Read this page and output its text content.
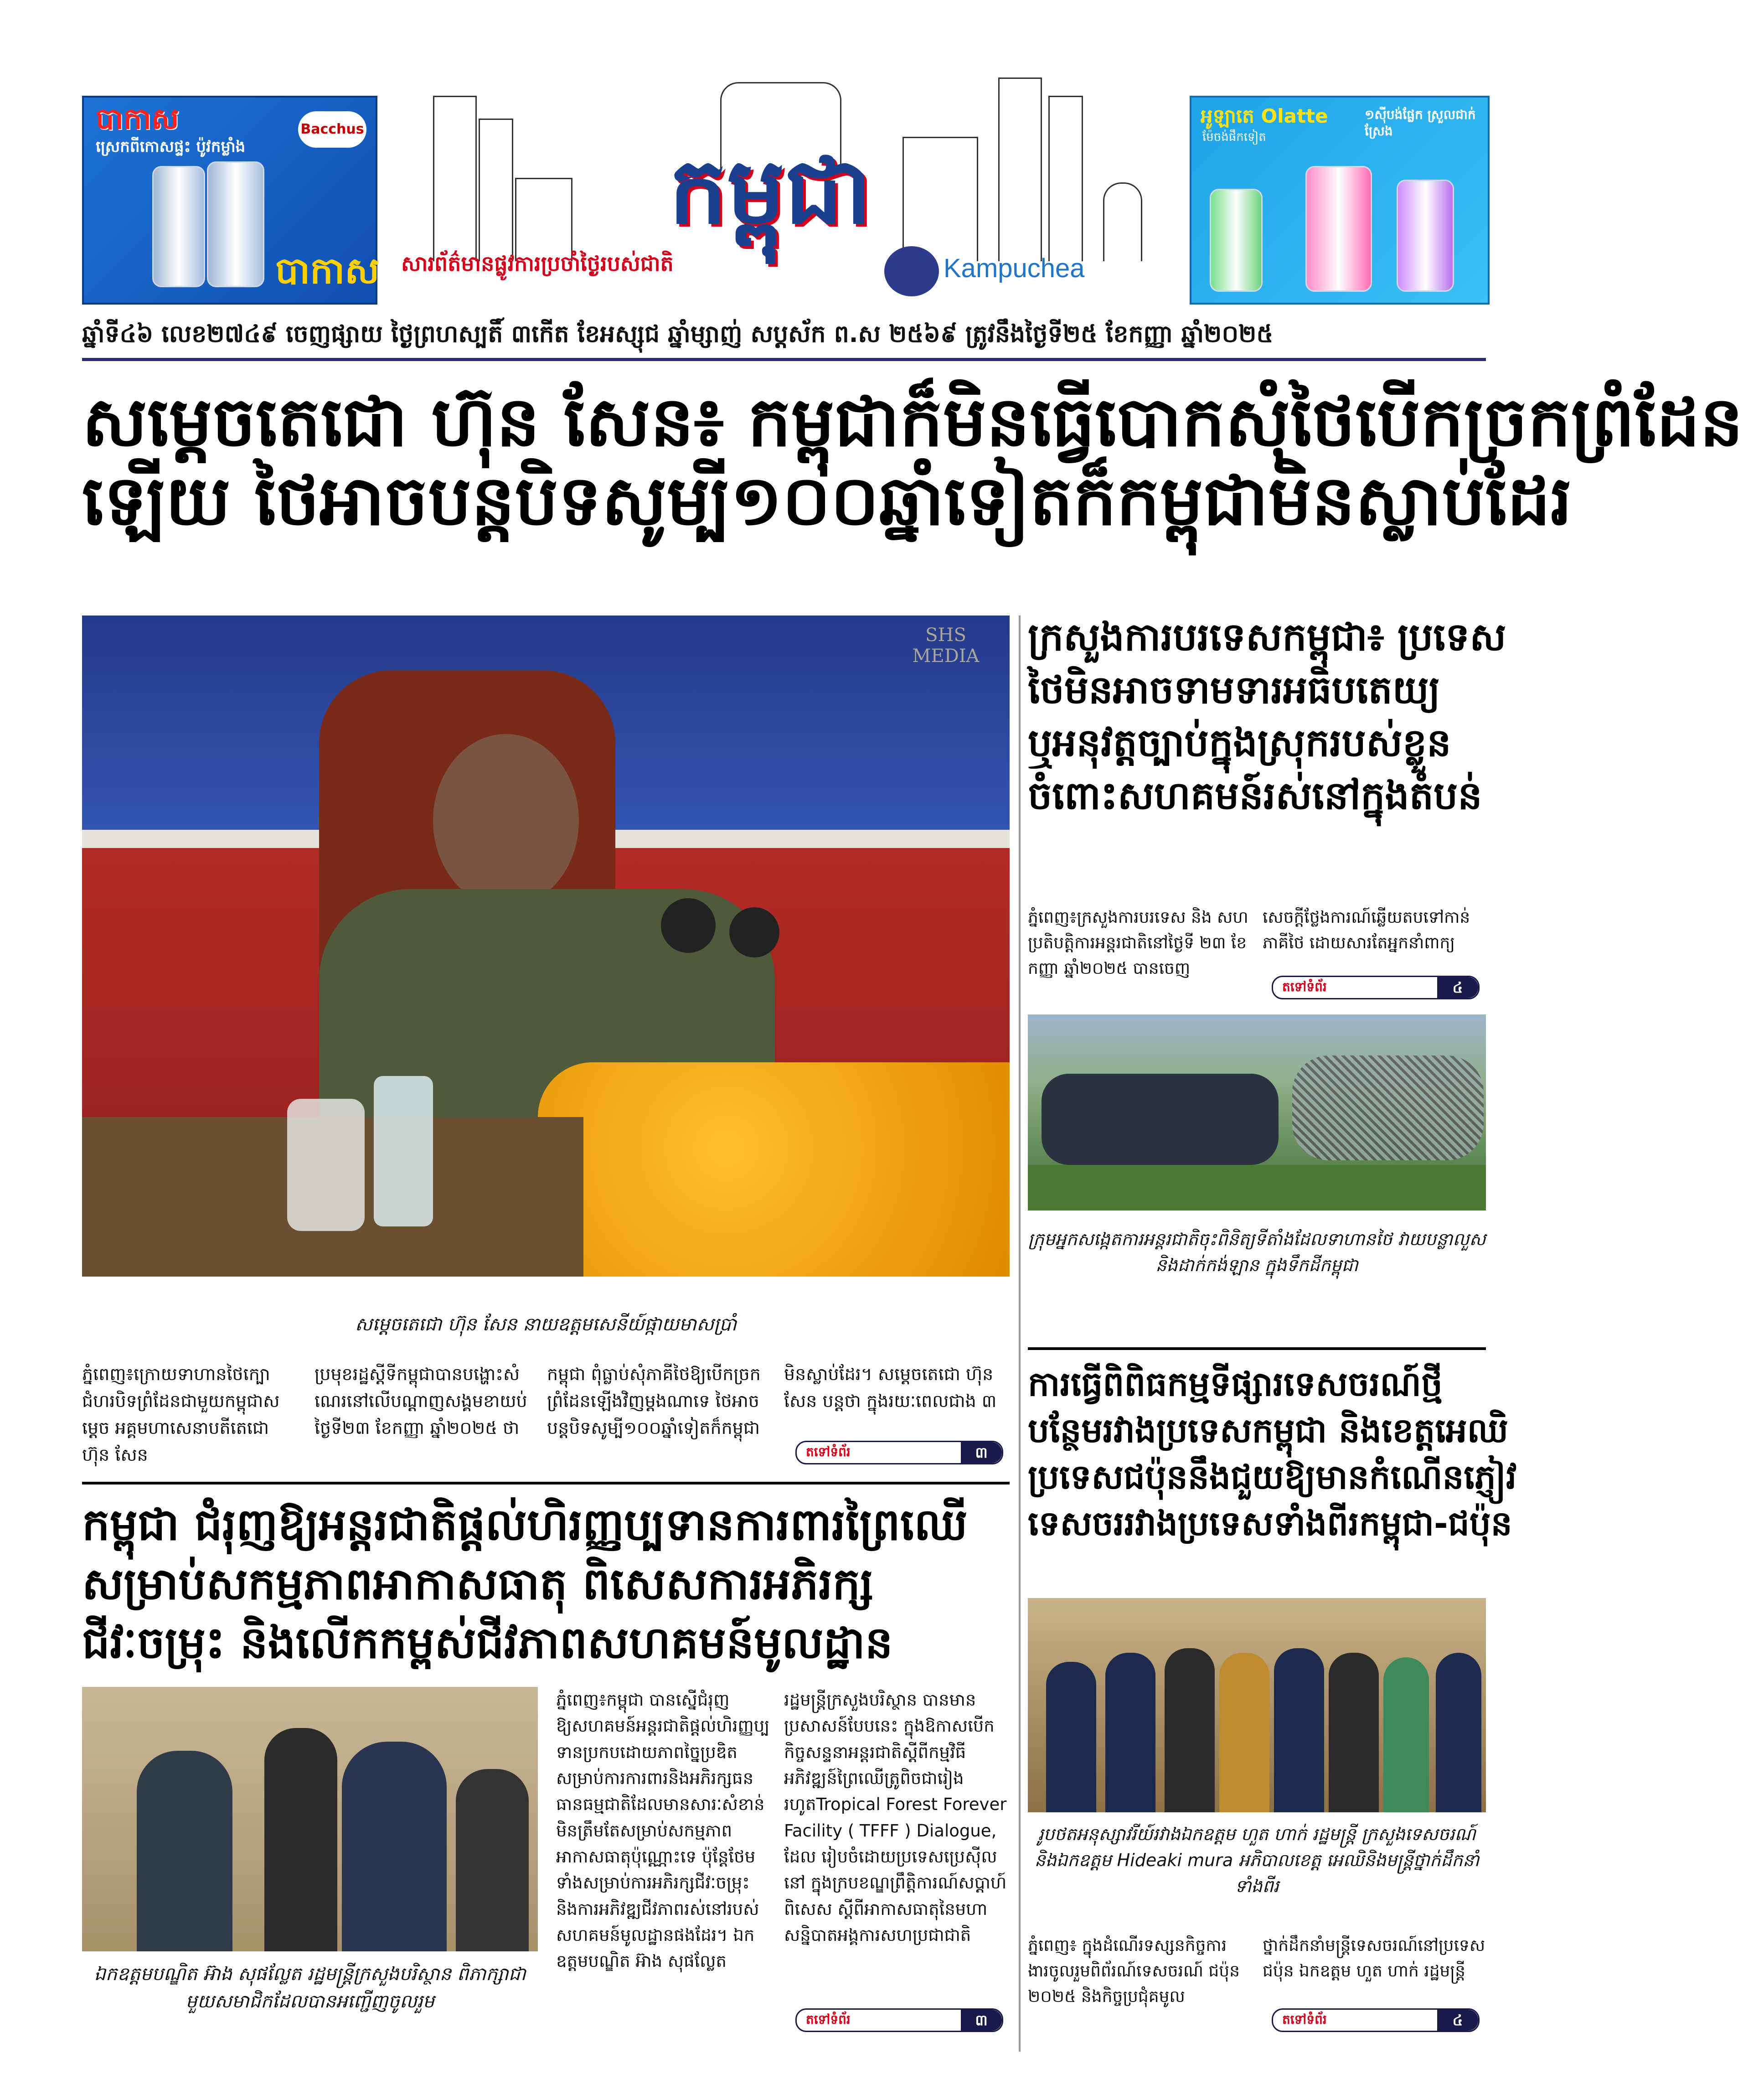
បាកាស
ស្រេកពីកោសផ្ទះ ប៉ូវកម្លាំង
Bacchus
បាកាស
កម្ពុជា
សារព័ត៌មានផ្លូវការប្រចាំថ្ងៃរបស់ជាតិ	Kampuchea
អូឡាតេ Olatte
ម៉ែ​ចង់​ផឹក​ទៀត
១ស៊ីបង់ផ្លែក ស្រួលជាក់ស្រែង
ឆ្នាំទី៤៦ លេខ២៧៤៩ ចេញផ្សាយ ថ្ងៃព្រហស្បតិ៍ ៣កើត ខែអស្សុជ ឆ្នាំម្សាញ់ សប្តស័ក ព.ស ២៥៦៩ ត្រូវនឹងថ្ងៃទី២៥ ខែកញ្ញា ឆ្នាំ២០២៥
សម្តេចតេជោ ហ៊ុន សែន៖ កម្ពុជាក៏មិនធ្វើបោកសុំថៃបើកច្រកព្រំដែន
ឡើយ ថៃអាចបន្តបិទសូម្បី១០០ឆ្នាំទៀតក៏កម្ពុជាមិនស្លាប់ដែរ
SHS MEDIA
សម្តេចតេជោ ហ៊ុន សែន នាយឧត្តមសេនីយ៍ផ្កាយមាសប្រាំ
ភ្នំពេញ៖ក្រោយទាហានថៃក្បោ ជំហរបិទព្រំដែនជាមួយកម្ពុជាសម្តេច អគ្គមហាសេនាបតីតេជោ ហ៊ុន សែន
ប្រមុខរដ្ឋស្តីទីកម្ពុជាបានបង្ហោះសំ ណេរនៅលើបណ្តាញសង្គមខាយប់ ថ្ងៃទី២៣ ខែកញ្ញា ឆ្នាំ២០២៥ ថា
កម្ពុជា ពុំធ្លាប់សុំភាគីថៃឱ្យបើកច្រក ព្រំដែនឡើងវិញម្តងណាទេ ថៃអាច បន្តបិទសូម្បី១០០ឆ្នាំទៀតក៏កម្ពុជា
មិនស្លាប់ដែរ។ សម្តេចតេជោ ហ៊ុន សែន បន្តថា ក្នុងរយៈពេលជាង ៣
តទៅទំព័រ	៣
ក្រសួងការបរទេសកម្ពុជា៖ ប្រទេស
ថៃមិនអាចទាមទារអធិបតេយ្យ
ឬអនុវត្តច្បាប់ក្នុងស្រុករបស់ខ្លួន
ចំពោះសហគមន៍រស់នៅក្នុងតំបន់
ភ្នំពេញ៖ក្រសួងការបរទេស និង សហប្រតិបត្តិការអន្តរជាតិនៅថ្ងៃទី ២៣ ខែកញ្ញា ឆ្នាំ២០២៥ បានចេញ
សេចក្តីថ្លែងការណ៍ឆ្លើយតបទៅកាន់ ភាគីថៃ ដោយសារតែអ្នកនាំពាក្យ
តទៅទំព័រ	៤
ក្រុមអ្នកសង្កេតការអន្តរជាតិចុះពិនិត្យទីតាំងដែលទាហានថៃ វាយបន្លាលួស និងដាក់កង់ឡាន ក្នុងទឹកដីកម្ពុជា
ការធ្វើពិពិធកម្មទីផ្សារទេសចរណ៍ថ្មី
បន្ថែមរវាងប្រទេសកម្ពុជា និងខេត្តអេឈិ
ប្រទេសជប៉ុននឹងជួយឱ្យមានកំណើនភ្ញៀវ
ទេសចររវាងប្រទេសទាំងពីរកម្ពុជា-ជប៉ុន
រូបថតអនុស្សាវរីយ៍រវាងឯកឧត្តម ហួត ហាក់ រដ្ឋមន្ត្រី ក្រសួងទេសចរណ៍ និងឯកឧត្តម Hideaki mura អភិបាលខេត្ត អេឈិនិងមន្ត្រីថ្នាក់ដឹកនាំទាំងពីរ
ភ្នំពេញ៖ ក្នុងដំណើរទស្សនកិច្ចការ ងារចូលរួមពិព័រណ៍ទេសចរណ៍ ជប៉ុន ២០២៥ និងកិច្ចប្រជុំគមូល
ថ្នាក់ដឹកនាំមន្ត្រីទេសចរណ៍នៅប្រទេស ជប៉ុន ឯកឧត្តម ហួត ហាក់ រដ្ឋមន្ត្រី
តទៅទំព័រ	៤
កម្ពុជា ជំរុញឱ្យអន្តរជាតិផ្តល់ហិរញ្ញប្បទានការពារព្រៃឈើ
សម្រាប់សកម្មភាពអាកាសធាតុ ពិសេសការអភិរក្ស
ជីវៈចម្រុះ និងលើកកម្ពស់ជីវភាពសហគមន៍មូលដ្ឋាន
ឯកឧត្តមបណ្ឌិត អ៊ាង សុផល្លែត រដ្ឋមន្ត្រីក្រសួងបរិស្ថាន ពិភាក្សាជាមួយសមាជិកដែលបានអញ្ជើញចូលរួម
ភ្នំពេញ៖កម្ពុជា បានស្នើជំរុញ ឱ្យសហគមន៍អន្តរជាតិផ្តល់ហិរញ្ញប្ប ទានប្រកបដោយភាពច្នៃប្រឌិត សម្រាប់ការការពារនិងអភិរក្សធន ធានធម្មជាតិដែលមានសារៈសំខាន់ មិនត្រឹមតែសម្រាប់សកម្មភាព អាកាសធាតុប៉ុណ្ណោះទេ ប៉ុន្តែថែម ទាំងសម្រាប់ការអភិរក្សជីវៈចម្រុះ និងការអភិវឌ្ឍជីវភាពរស់នៅរបស់ សហគមន៍មូលដ្ឋានផងដែរ។ ឯកឧត្តមបណ្ឌិត អ៊ាង សុផល្លែត
រដ្ឋមន្ត្រីក្រសួងបរិស្ថាន បានមាន ប្រសាសន៍បែបនេះ ក្នុងឱកាសបើក កិច្ចសន្ទនាអន្តរជាតិស្តីពីកម្មវិធី អភិវឌ្ឍន៍ព្រៃឈើត្រូពិចជារៀង រហូតTropical Forest Forever Facility ( TFFF ) Dialogue, ដែល រៀបចំដោយប្រទេសប្រេស៊ីល នៅ ក្នុងក្របខណ្ឌព្រឹត្តិការណ៍សប្តាហ៍ ពិសេស ស្តីពីអាកាសធាតុនៃមហា សន្និបាតអង្គការសហប្រជាជាតិ
តទៅទំព័រ	៣
